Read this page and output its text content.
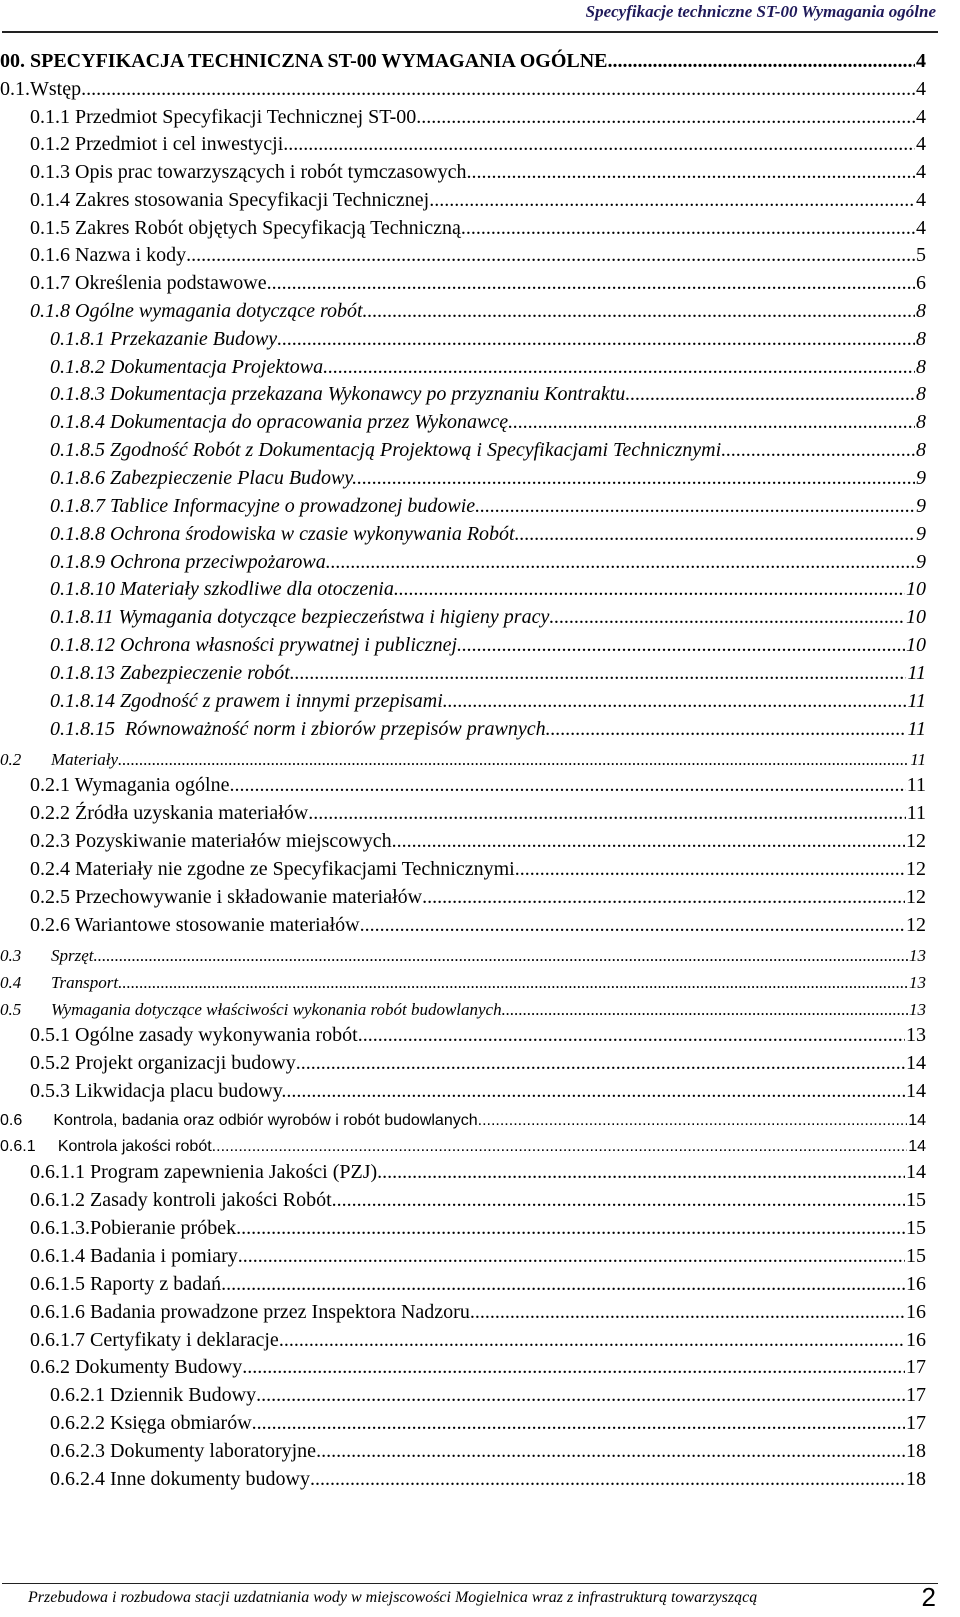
Specyfikacje techniczne ST-00 Wymagania ogólne
00. SPECYFIKACJA TECHNICZNA ST-00 WYMAGANIA OGÓLNE .....	4
0.1.Wstęp. .....	4
0.1.1 Przedmiot Specyfikacji Technicznej ST-00 .....	4
0.1.2 Przedmiot i cel inwestycji .....	4
0.1.3 Opis prac towarzyszących i robót tymczasowych .....	4
0.1.4 Zakres stosowania Specyfikacji Technicznej. .....	4
0.1.5 Zakres Robót objętych Specyfikacją Techniczną. .....	4
0.1.6 Nazwa i kody .....	5
0.1.7 Określenia podstawowe .....	6
0.1.8 Ogólne wymagania dotyczące robót .....	8
0.1.8.1 Przekazanie Budowy .....	8
0.1.8.2 Dokumentacja Projektowa .....	8
0.1.8.3 Dokumentacja przekazana Wykonawcy po przyznaniu Kontraktu .....	8
0.1.8.4 Dokumentacja do opracowania przez Wykonawcę .....	8
0.1.8.5 Zgodność Robót z Dokumentacją Projektową i Specyfikacjami Technicznymi .....	8
0.1.8.6 Zabezpieczenie Placu Budowy. .....	9
0.1.8.7 Tablice Informacyjne o prowadzonej budowie .....	9
0.1.8.8 Ochrona środowiska w czasie wykonywania Robót .....	9
0.1.8.9 Ochrona przeciwpożarowa .....	9
0.1.8.10 Materiały szkodliwe dla otoczenia .....	10
0.1.8.11 Wymagania dotyczące bezpieczeństwa i higieny pracy .....	10
0.1.8.12 Ochrona własności prywatnej i publicznej .....	10
0.1.8.13 Zabezpieczenie robót .....	11
0.1.8.14 Zgodność z prawem i innymi przepisami .....	11
0.1.8.15  Równoważność norm i zbiorów przepisów prawnych .....	11
0.2       Materiały .....	11
0.2.1 Wymagania ogólne .....	11
0.2.2 Źródła uzyskania materiałów .....	11
0.2.3 Pozyskiwanie materiałów miejscowych .....	12
0.2.4 Materiały nie zgodne ze Specyfikacjami Technicznymi .....	12
0.2.5 Przechowywanie i składowanie materiałów .....	12
0.2.6 Wariantowe stosowanie materiałów .....	12
0.3       Sprzęt .....	13
0.4       Transport .....	13
0.5       Wymagania dotyczące właściwości wykonania robót budowlanych .....	13
0.5.1 Ogólne zasady wykonywania robót .....	13
0.5.2 Projekt organizacji budowy .....	14
0.5.3 Likwidacja placu budowy. .....	14
0.6       Kontrola, badania oraz odbiór wyrobów i robót budowlanych .....	14
0.6.1     Kontrola jakości robót. .....	14
0.6.1.1 Program zapewnienia Jakości (PZJ) .....	14
0.6.1.2 Zasady kontroli jakości Robót .....	15
0.6.1.3.Pobieranie próbek. .....	15
0.6.1.4 Badania i pomiary .....	15
0.6.1.5 Raporty z badań .....	16
0.6.1.6 Badania prowadzone przez Inspektora Nadzoru .....	16
0.6.1.7 Certyfikaty i deklaracje .....	16
0.6.2 Dokumenty Budowy .....	17
0.6.2.1 Dziennik Budowy .....	17
0.6.2.2 Księga obmiarów .....	17
0.6.2.3 Dokumenty laboratoryjne .....	18
0.6.2.4 Inne dokumenty budowy .....	18
Przebudowa i rozbudowa stacji uzdatniania wody w miejscowości Mogielnica wraz z infrastrukturą towarzyszącą	2
